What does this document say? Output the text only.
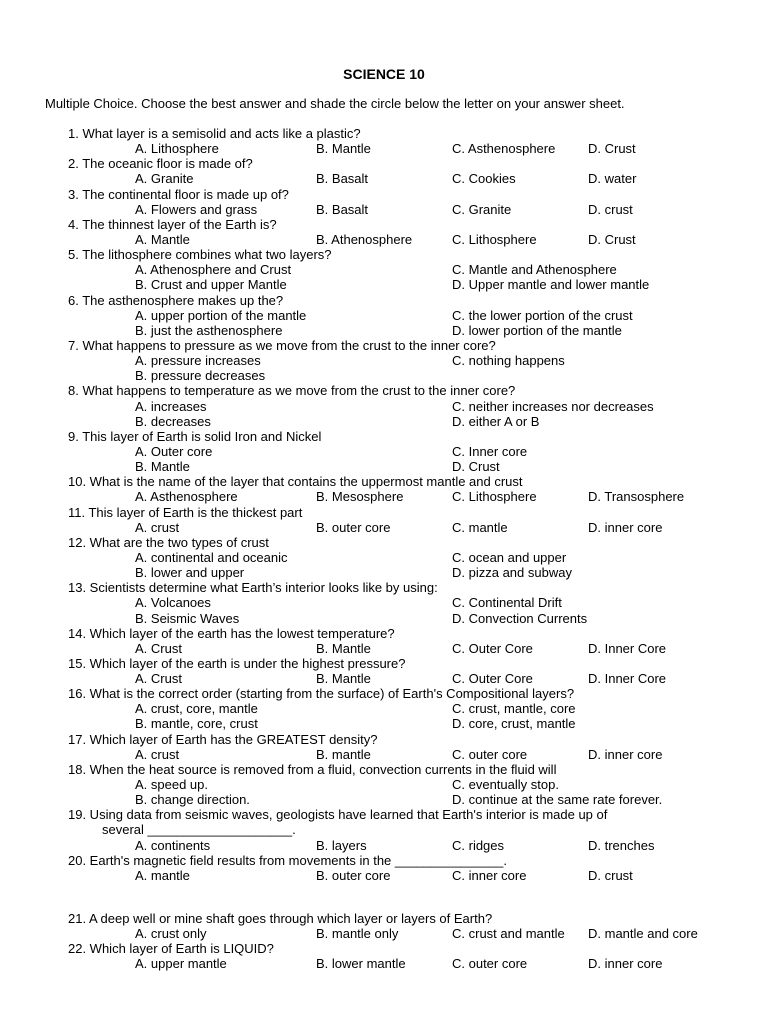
SCIENCE 10
Multiple Choice. Choose the best answer and shade the circle below the letter on your answer sheet.
1. What layer is a semisolid and acts like a plastic?
A. Lithosphere	B. Mantle	C. Asthenosphere	D. Crust
2. The oceanic floor is made of?
A. Granite	B. Basalt	C. Cookies	D. water
3. The continental floor is made up of?
A. Flowers and grass	B. Basalt	C. Granite	D. crust
4. The thinnest layer of the Earth is?
A. Mantle	B. Athenosphere	C. Lithosphere	D. Crust
5. The lithosphere combines what two layers?
A. Athenosphere and Crust	C. Mantle and Athenosphere
B. Crust and upper Mantle	D. Upper mantle and lower mantle
6. The asthenosphere makes up the?
A. upper portion of the mantle	C. the lower portion of the crust
B. just the asthenosphere	D. lower portion of the mantle
7. What happens to pressure as we move from the crust to the inner core?
A. pressure increases	C. nothing happens
B. pressure decreases
8. What happens to temperature as we move from the crust to the inner core?
A. increases	C. neither increases nor decreases
B. decreases	D. either A or B
9. This layer of Earth is solid Iron and Nickel
A. Outer core	C. Inner core
B. Mantle	D. Crust
10. What is the name of the layer that contains the uppermost mantle and crust
A. Asthenosphere	B. Mesosphere	C. Lithosphere	D. Transosphere
11. This layer of Earth is the thickest part
A. crust	B. outer core	C. mantle	D. inner core
12. What are the two types of crust
A. continental and oceanic	C. ocean and upper
B. lower and upper	D. pizza and subway
13. Scientists determine what Earth’s interior looks like by using:
A. Volcanoes	C. Continental Drift
B. Seismic Waves	D. Convection Currents
14. Which layer of the earth has the lowest temperature?
A. Crust	B. Mantle	C. Outer Core	D. Inner Core
15. Which layer of the earth is under the highest pressure?
A. Crust	B. Mantle	C. Outer Core	D. Inner Core
16. What is the correct order (starting from the surface) of Earth's Compositional layers?
A. crust, core, mantle	C. crust, mantle, core
B. mantle, core, crust	D. core, crust, mantle
17. Which layer of Earth has the GREATEST density?
A. crust	B. mantle	C. outer core	D. inner core
18. When the heat source is removed from a fluid, convection currents in the fluid will
A. speed up.	C. eventually stop.
B. change direction.	D. continue at the same rate forever.
19. Using data from seismic waves, geologists have learned that Earth's interior is made up of
several ____________________.
A. continents	B. layers	C. ridges	D. trenches
20. Earth's magnetic field results from movements in the _______________.
A. mantle	B. outer core	C. inner core	D. crust
21. A deep well or mine shaft goes through which layer or layers of Earth?
A. crust only	B. mantle only	C. crust and mantle D. mantle and core
22. Which layer of Earth is LIQUID?
A. upper mantle	B. lower mantle	C. outer core	D. inner core
